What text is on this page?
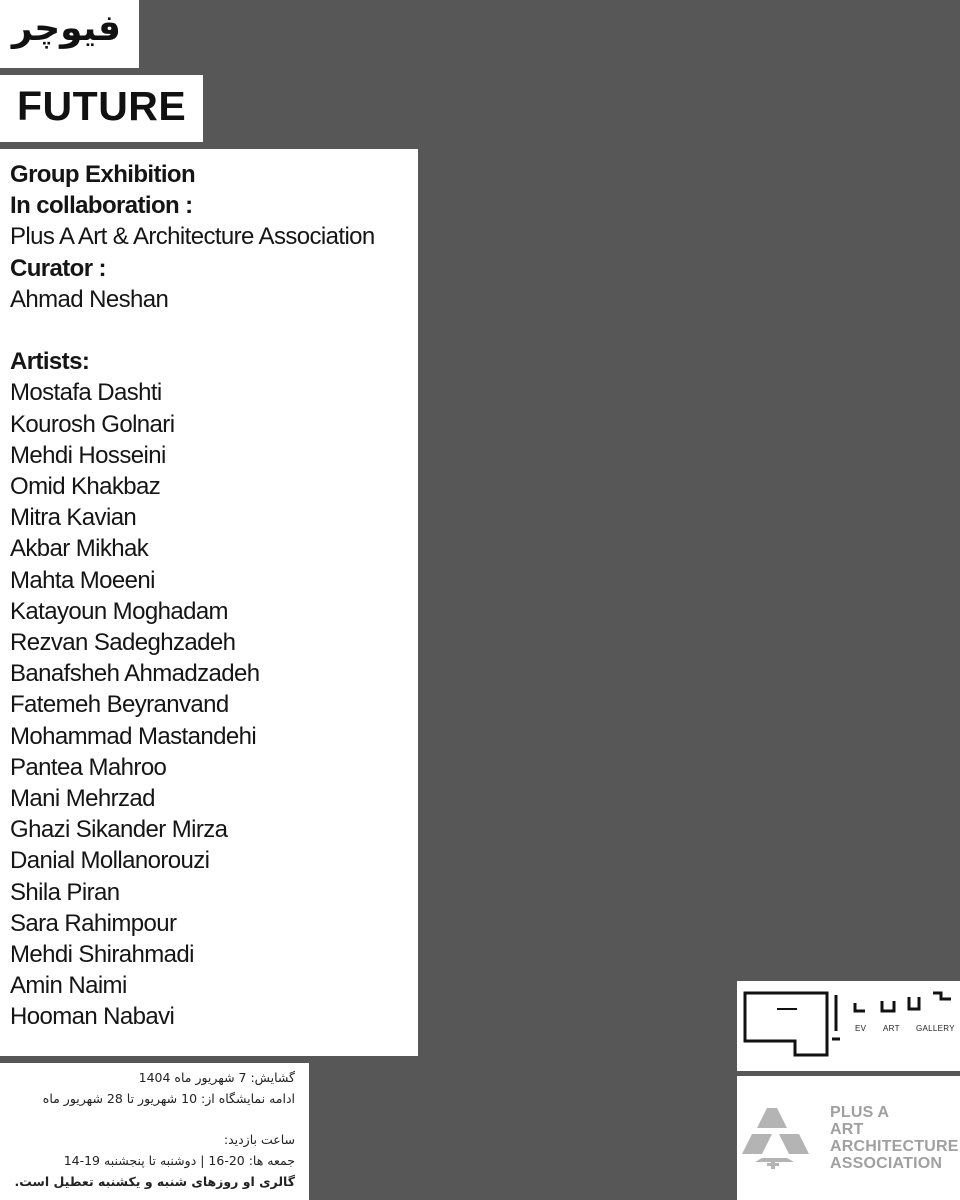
فیوچر
FUTURE
Group Exhibition
In collaboration :
Plus A Art & Architecture Association
Curator :
Ahmad Neshan
Artists:
Mostafa Dashti
Kourosh Golnari
Mehdi Hosseini
Omid Khakbaz
Mitra Kavian
Akbar Mikhak
Mahta Moeeni
Katayoun Moghadam
Rezvan Sadeghzadeh
Banafsheh Ahmadzadeh
Fatemeh Beyranvand
Mohammad Mastandehi
Pantea Mahroo
Mani Mehrzad
Ghazi Sikander Mirza
Danial Mollanorouzi
Shila Piran
Sara Rahimpour
Mehdi Shirahmadi
Amin Naimi
Hooman Nabavi
گشایش: 7 شهریور ماه 1404
ادامه نمایشگاه از: 10 شهریور تا 28 شهریور ماه
ساعت بازدید:
جمعه ها: 20-16 | دوشنبه تا پنجشنبه 19-14
گالری او روزهای شنبه و یکشنبه تعطیل است.
EV ART GALLERY
PLUS A
ART ARCHITECTURE
ASSOCIATION
